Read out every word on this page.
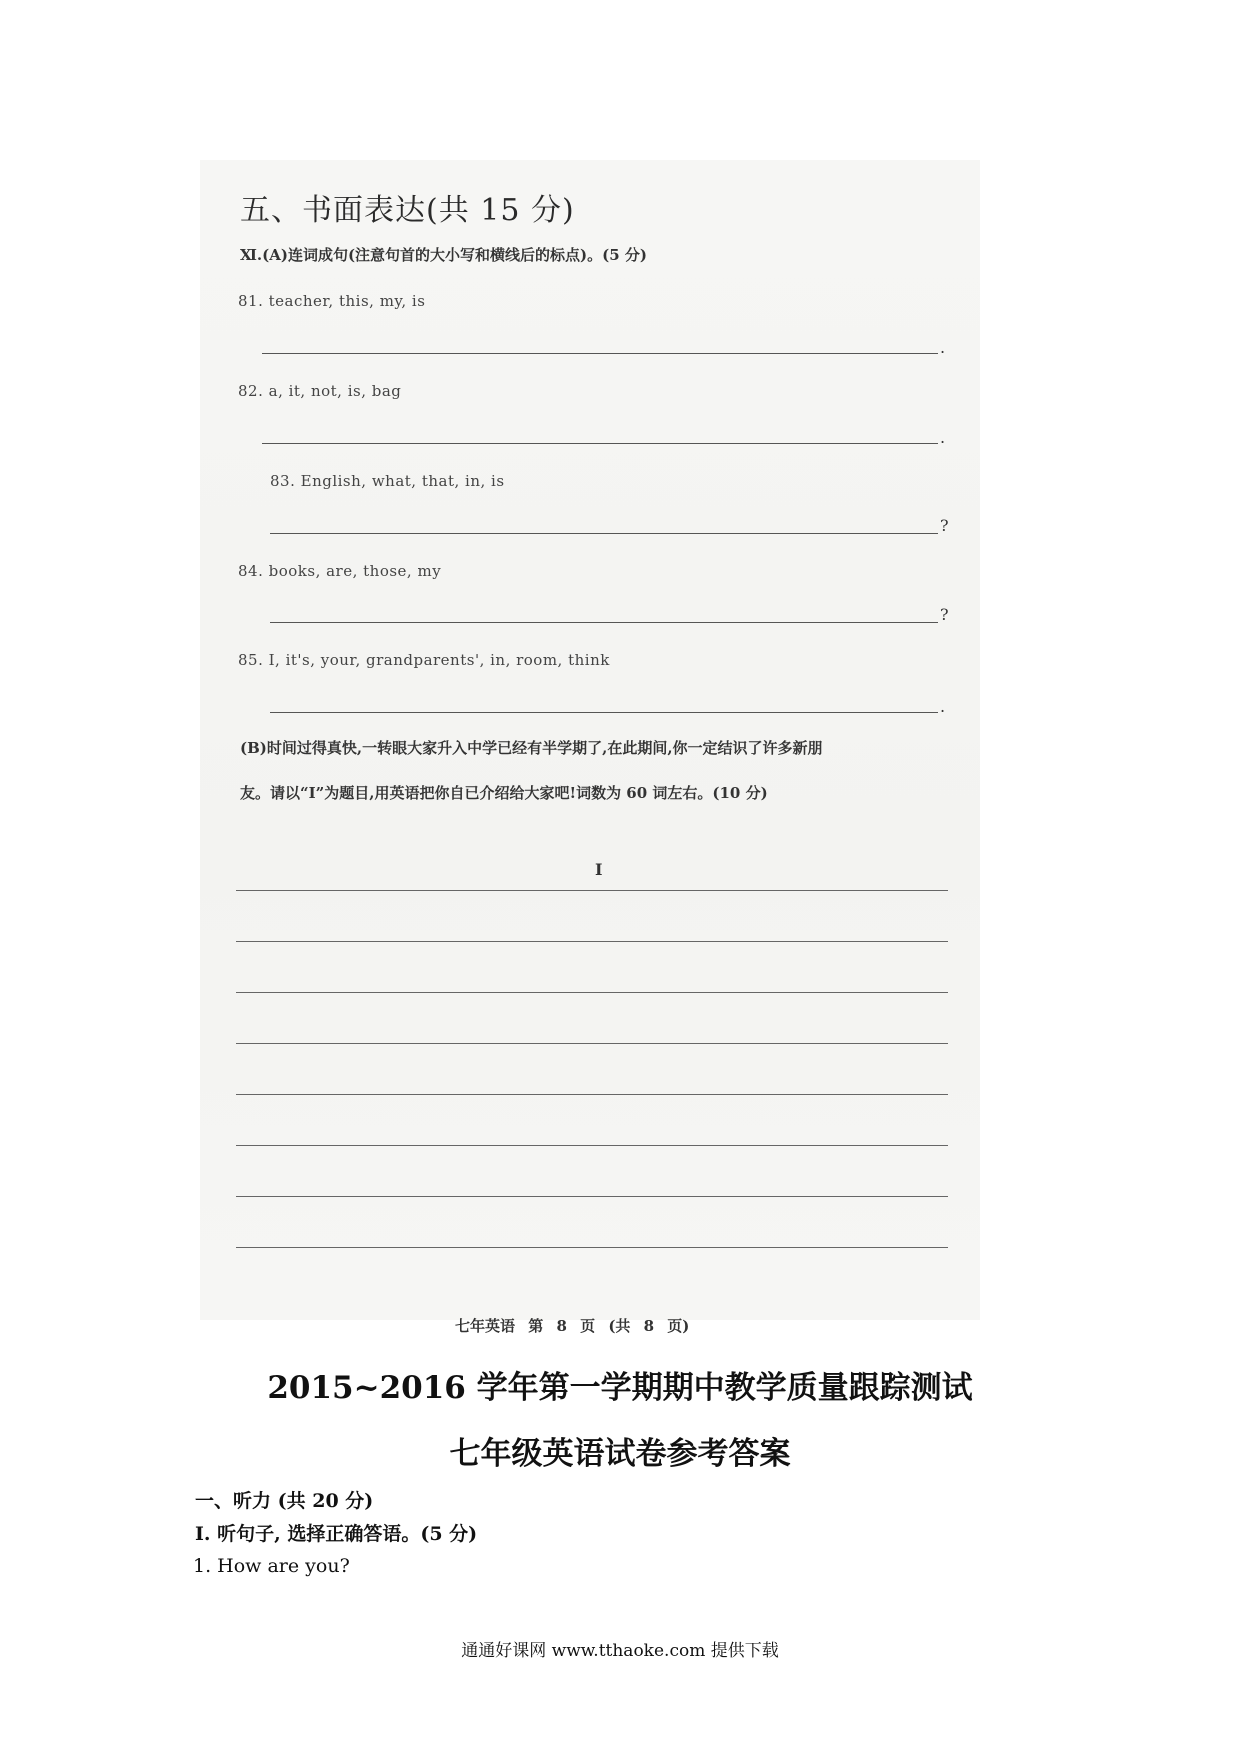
五、书面表达(共 15 分)
Ⅺ.(A)连词成句(注意句首的大小写和横线后的标点)。(5 分)
81. teacher, this, my, is
.
82. a, it, not, is, bag
.
83. English, what, that, in, is
?
84. books, are, those, my
?
85. I, it's, your, grandparents', in, room, think
.
(B)时间过得真快,一转眼大家升入中学已经有半学期了,在此期间,你一定结识了许多新朋
友。请以“I”为题目,用英语把你自已介绍给大家吧!词数为 60 词左右。(10 分)
I
七年英语 第 8 页 (共 8 页)
2015~2016 学年第一学期期中教学质量跟踪测试
七年级英语试卷参考答案
一、听力 (共 20 分)
I. 听句子, 选择正确答语。(5 分)
1. How are you?
通通好课网 www.tthaoke.com 提供下载
